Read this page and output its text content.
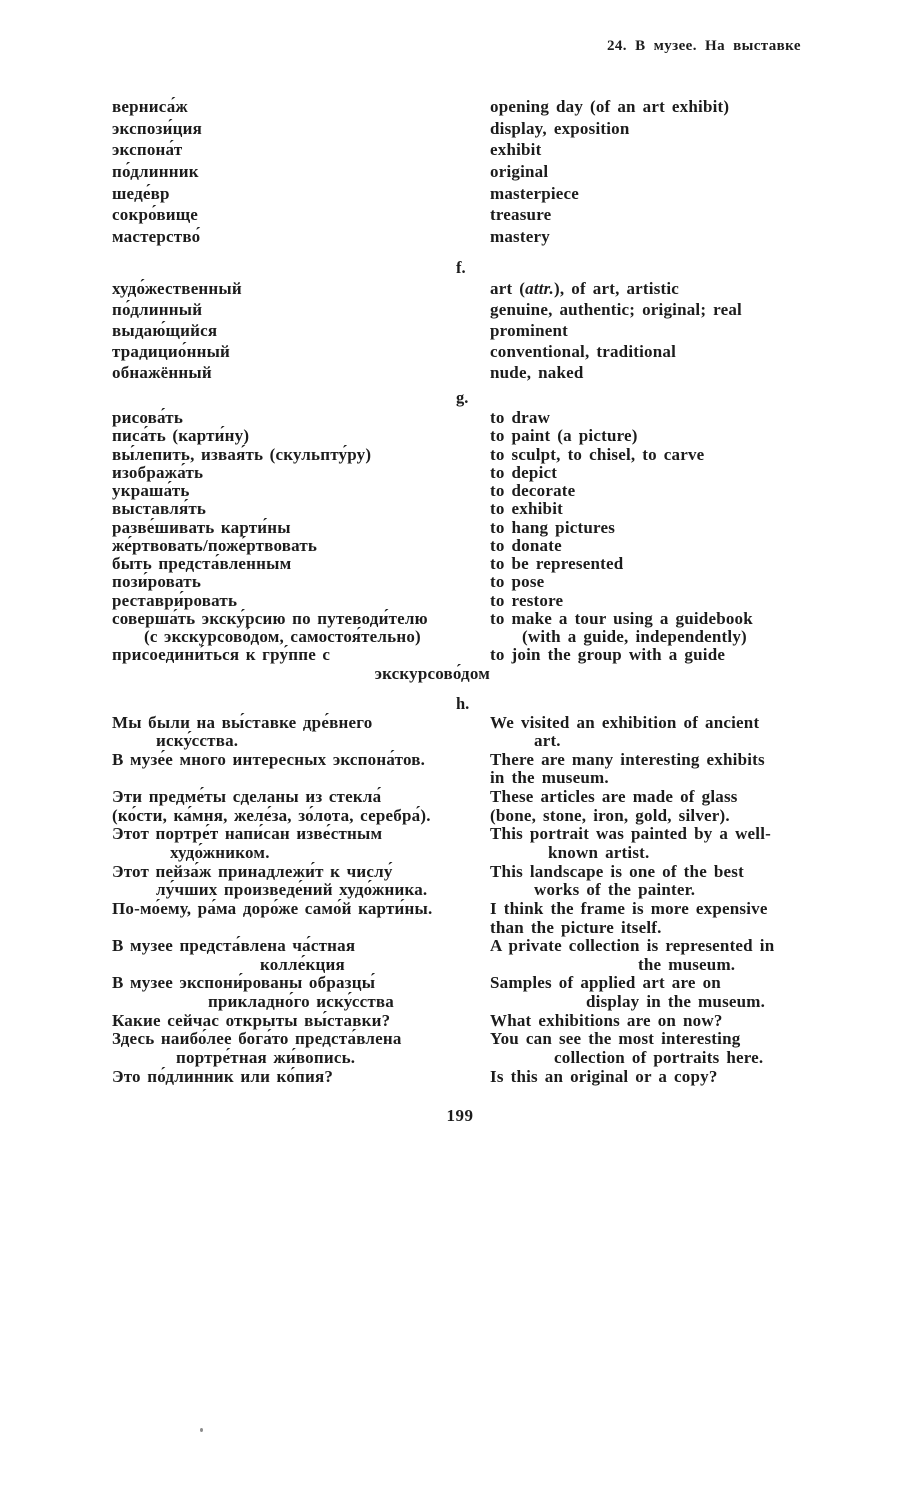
24. В музее. На выставке
верниса́ж	opening day (of an art exhibit)
экспози́ция	display, exposition
экспона́т	exhibit
по́длинник	original
шеде́вр	masterpiece
сокро́вище	treasure
мастерство́	mastery
f.
худо́жественный	art (attr.), of art, artistic
по́длинный	genuine, authentic; original; real
выдаю́щийся	prominent
традицио́нный	conventional, traditional
обнажённый	nude, naked
g.
рисова́ть	to draw
писа́ть (карти́ну)	to paint (a picture)
вы́лепить, извая́ть (скульпту́ру)	to sculpt, to chisel, to carve
изобража́ть	to depict
украша́ть	to decorate
выставля́ть	to exhibit
разве́шивать карти́ны	to hang pictures
же́ртвовать/поже́ртвовать	to donate
быть предста́вленным	to be represented
пози́ровать	to pose
реставри́ровать	to restore
соверша́ть экску́рсию по путеводи́телю	to make a tour using a guidebook
(с экскурсово́дом, самостоя́тельно)	(with a guide, independently)
присоедини́ться к гру́ппе с	to join the group with a guide
экскурсово́дом
h.
Мы были на вы́ставке дре́внего	We visited an exhibition of ancient
иску́сства.	art.
В музе́е много интересных экспона́тов.	There are many interesting exhibits
in the museum.
Эти предме́ты сделаны из стекла́	These articles are made of glass
(ко́сти, ка́мня, желе́за, зо́лота, серебра́).	(bone, stone, iron, gold, silver).
Этот портре́т напи́сан изве́стным	This portrait was painted by a well-
худо́жником.	known artist.
Этот пейза́ж принадлежи́т к числу́	This landscape is one of the best
лу́чших произведе́ний худо́жника.	works of the painter.
По-мо́ему, ра́ма доро́же само́й карти́ны.	I think the frame is more expensive
than the picture itself.
В музее предста́влена ча́стная	A private collection is represented in
колле́кция	the museum.
В музее экспони́рованы образцы́	Samples of applied art are on
прикладно́го иску́сства	display in the museum.
Какие сейчас открыты вы́ставки?	What exhibitions are on now?
Здесь наибо́лее бога́то предста́влена	You can see the most interesting
портре́тная жи́вопись.	collection of portraits here.
Это по́длинник или ко́пия?	Is this an original or a copy?
199
